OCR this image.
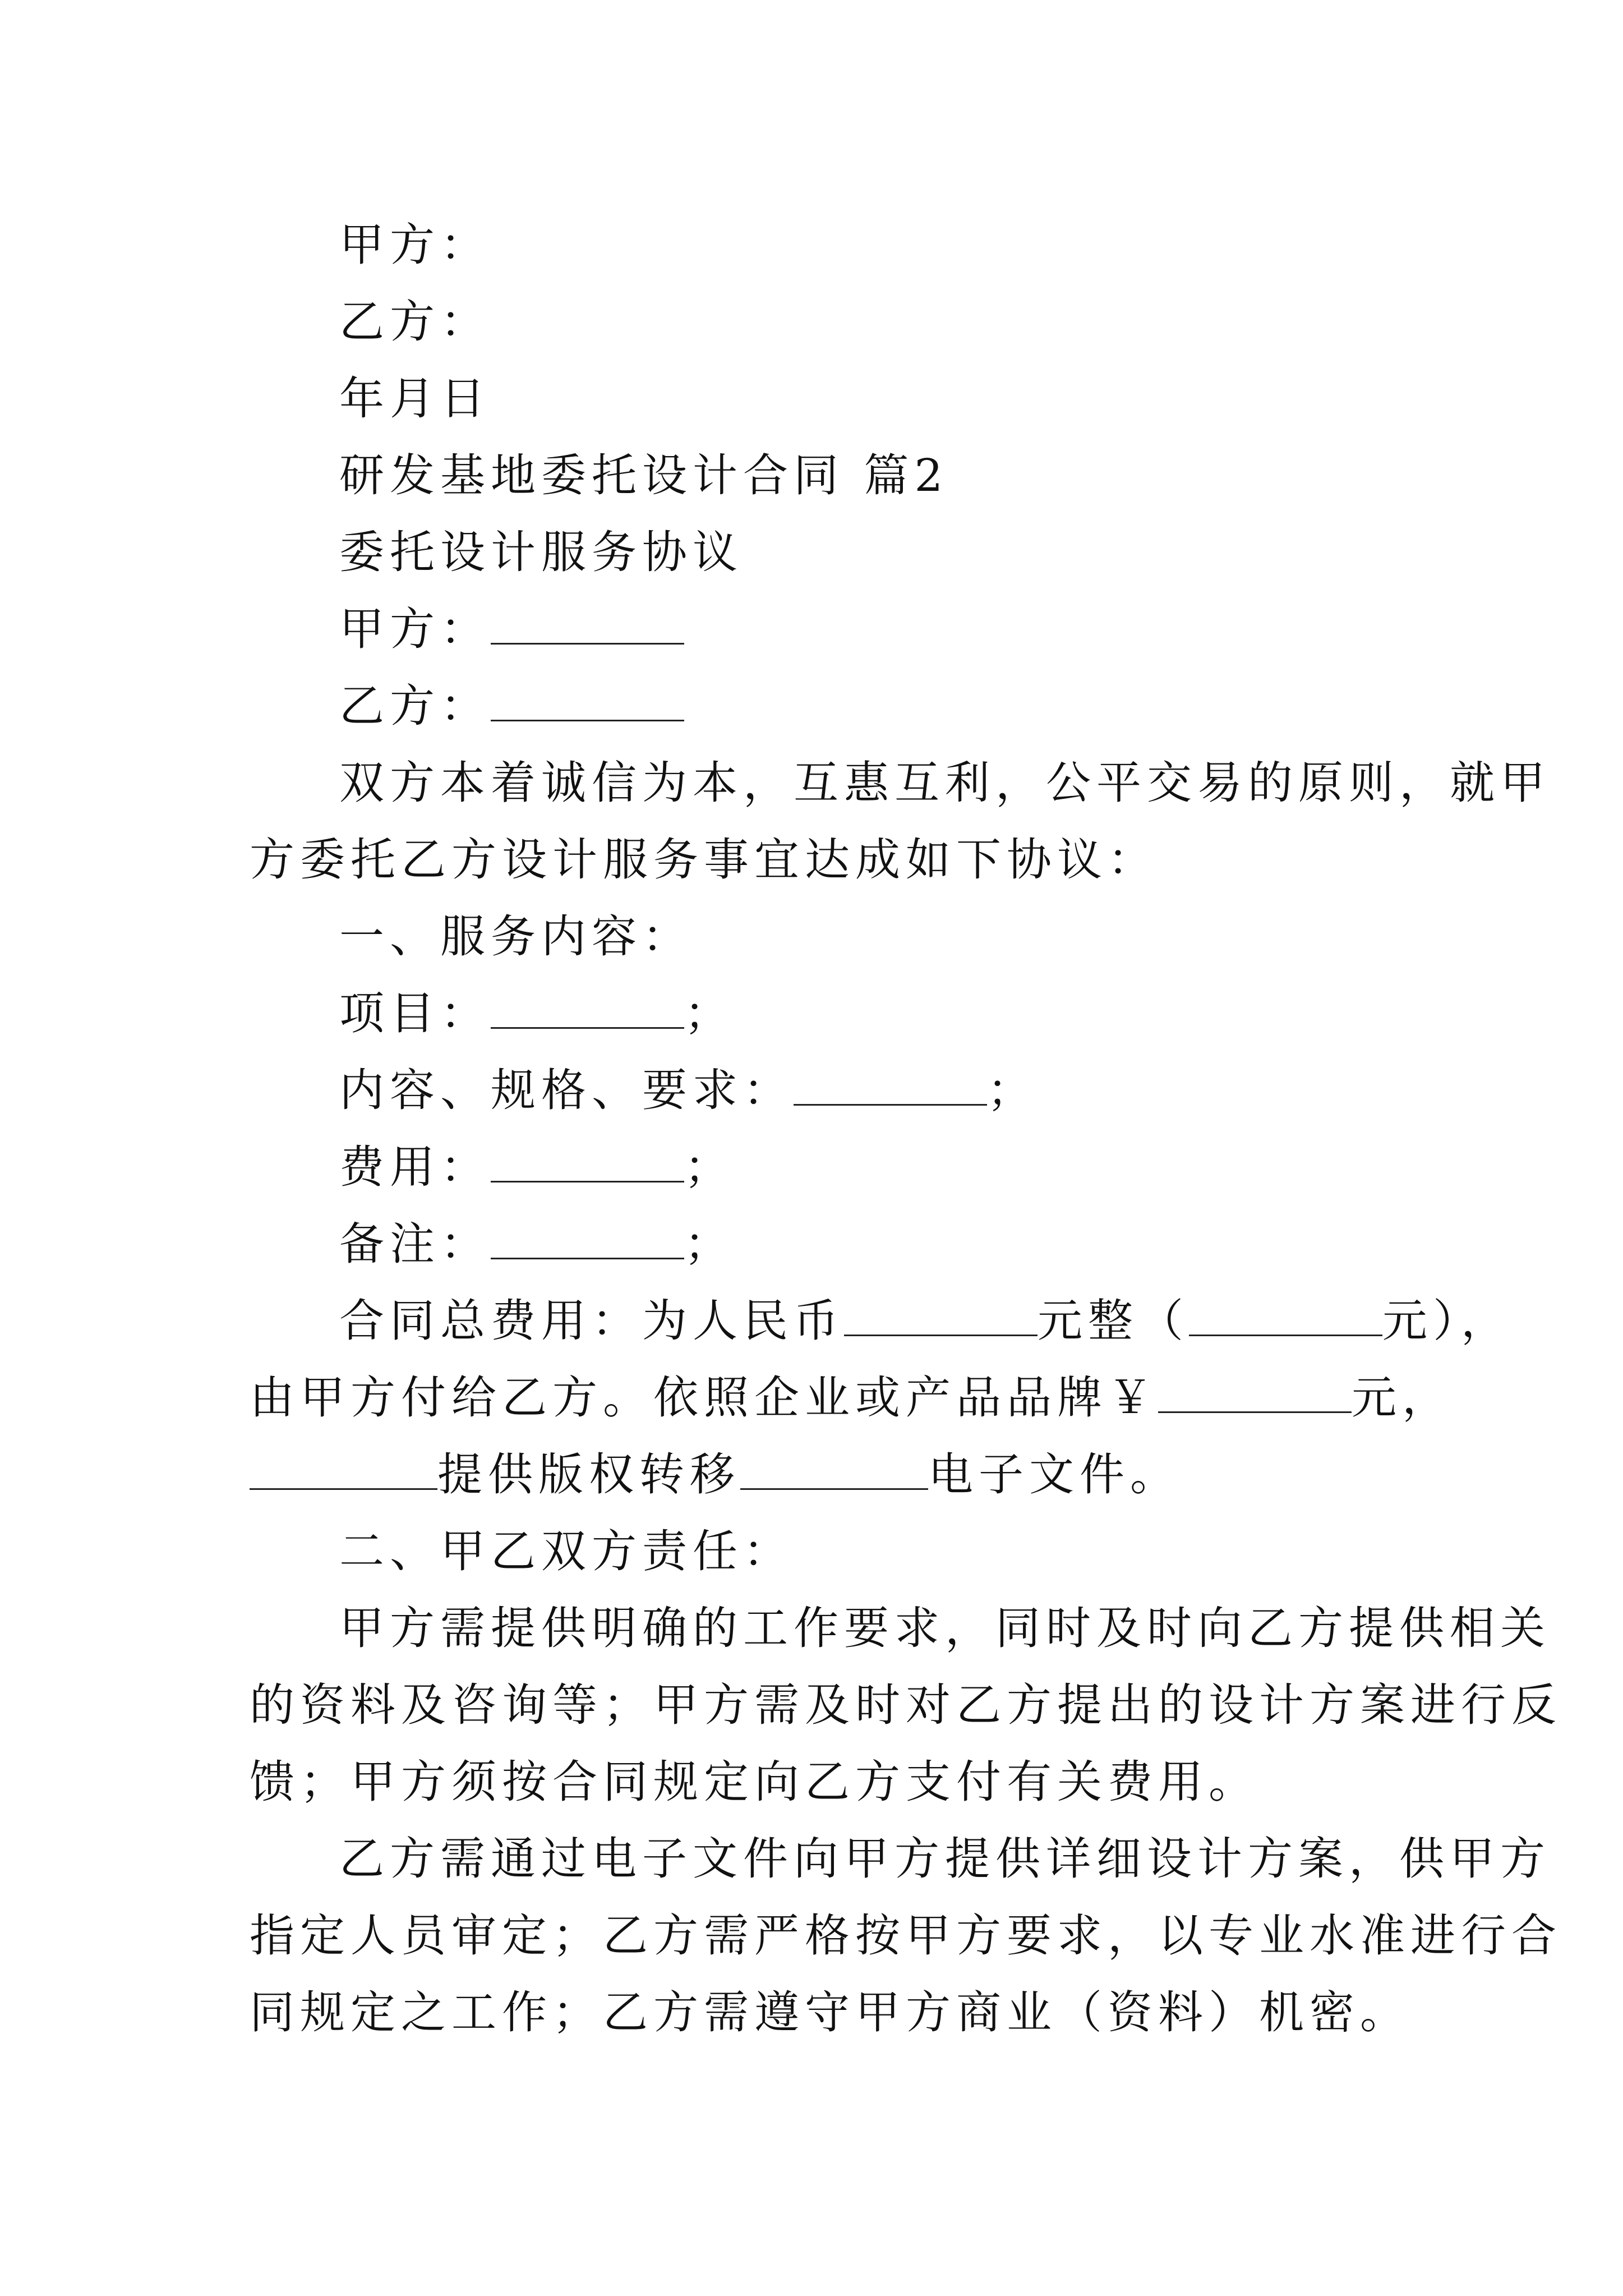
甲方：
乙方：
年月日
研发基地委托设计合同 篇2
委托设计服务协议
甲方：
乙方：
双方本着诚信为本，互惠互利，公平交易的原则，就甲
方委托乙方设计服务事宜达成如下协议：
一、服务内容：
项目：	；
内容、规格、要求：	；
费用：	；
备注：	；
合同总费用：为人民币	元整（	元），
由甲方付给乙方。依照企业或产品品牌￥	元，
提供版权转移	电子文件。
二、甲乙双方责任：
甲方需提供明确的工作要求，同时及时向乙方提供相关
的资料及咨询等；甲方需及时对乙方提出的设计方案进行反
馈；甲方须按合同规定向乙方支付有关费用。
乙方需通过电子文件向甲方提供详细设计方案，供甲方
指定人员审定；乙方需严格按甲方要求，以专业水准进行合
同规定之工作；乙方需遵守甲方商业（资料）机密。
